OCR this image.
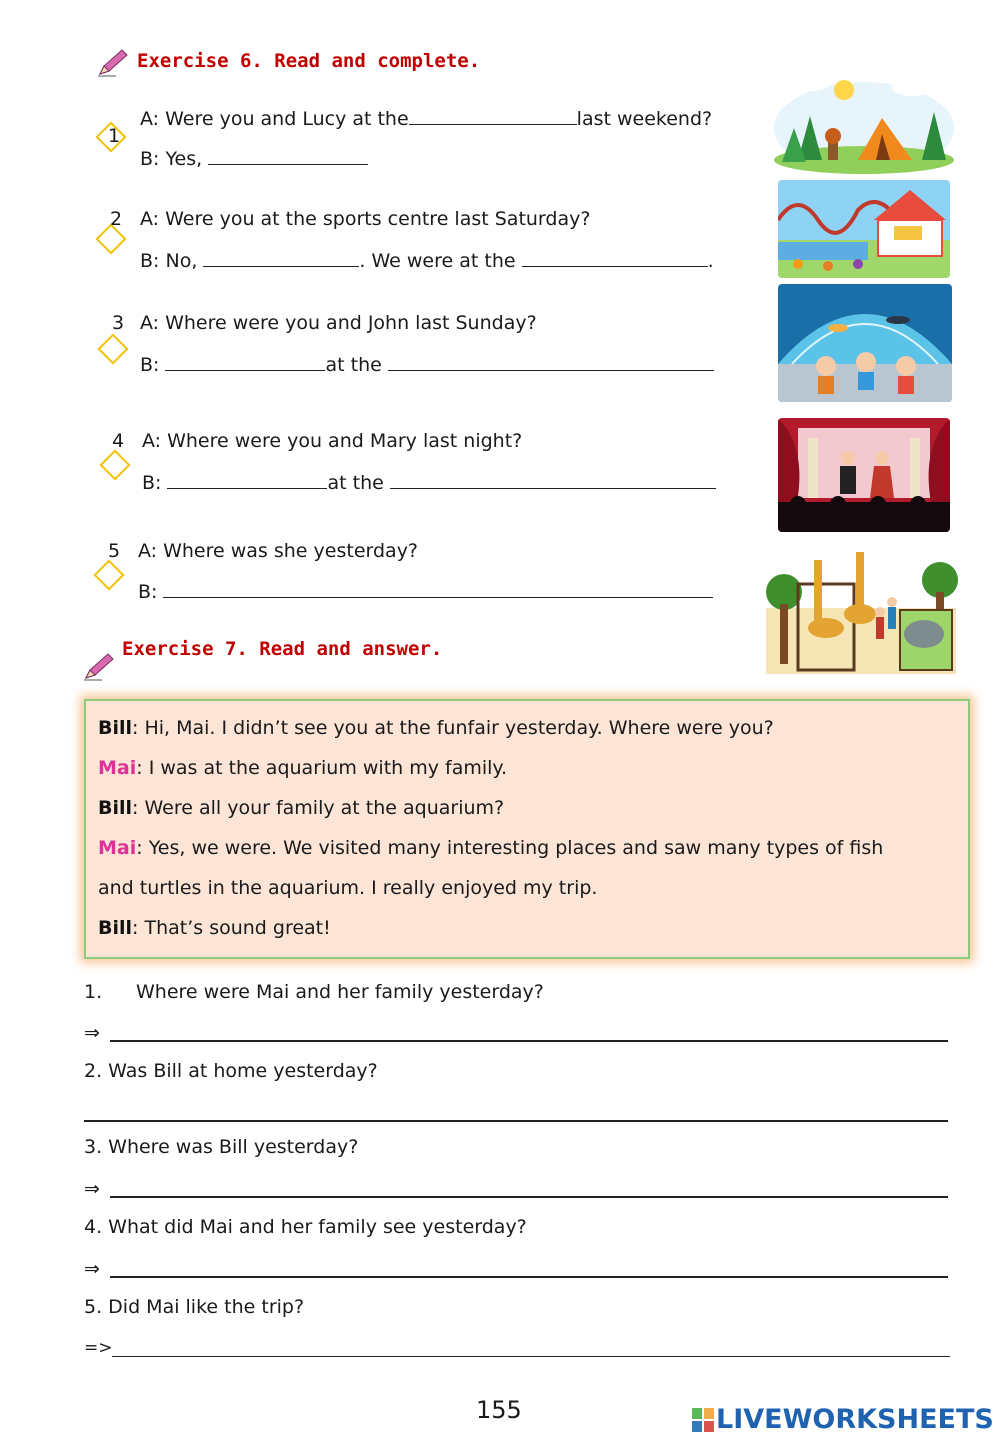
Exercise 6. Read and complete.
1
A: Were you and Lucy at the	last weekend?
B: Yes,
2 A: Were you at the sports centre last Saturday?
B: No,	. We were at the	.
3 A: Where were you and John last Sunday?
B:	at the
4 A: Where were you and Mary last night?
B:	at the
5 A: Where was she yesterday?
B:
Exercise 7. Read and answer.
Bill: Hi, Mai. I didn’t see you at the funfair yesterday. Where were you?
Mai: I was at the aquarium with my family.
Bill: Were all your family at the aquarium?
Mai: Yes, we were. We visited many interesting places and saw many types of fish
and turtles in the aquarium. I really enjoyed my trip.
Bill: That’s sound great!
1. Where were Mai and her family yesterday?
⇒
2. Was Bill at home yesterday?
3. Where was Bill yesterday?
⇒
4. What did Mai and her family see yesterday?
⇒
5. Did Mai like the trip?
=>
155	LIVEWORKSHEETS
